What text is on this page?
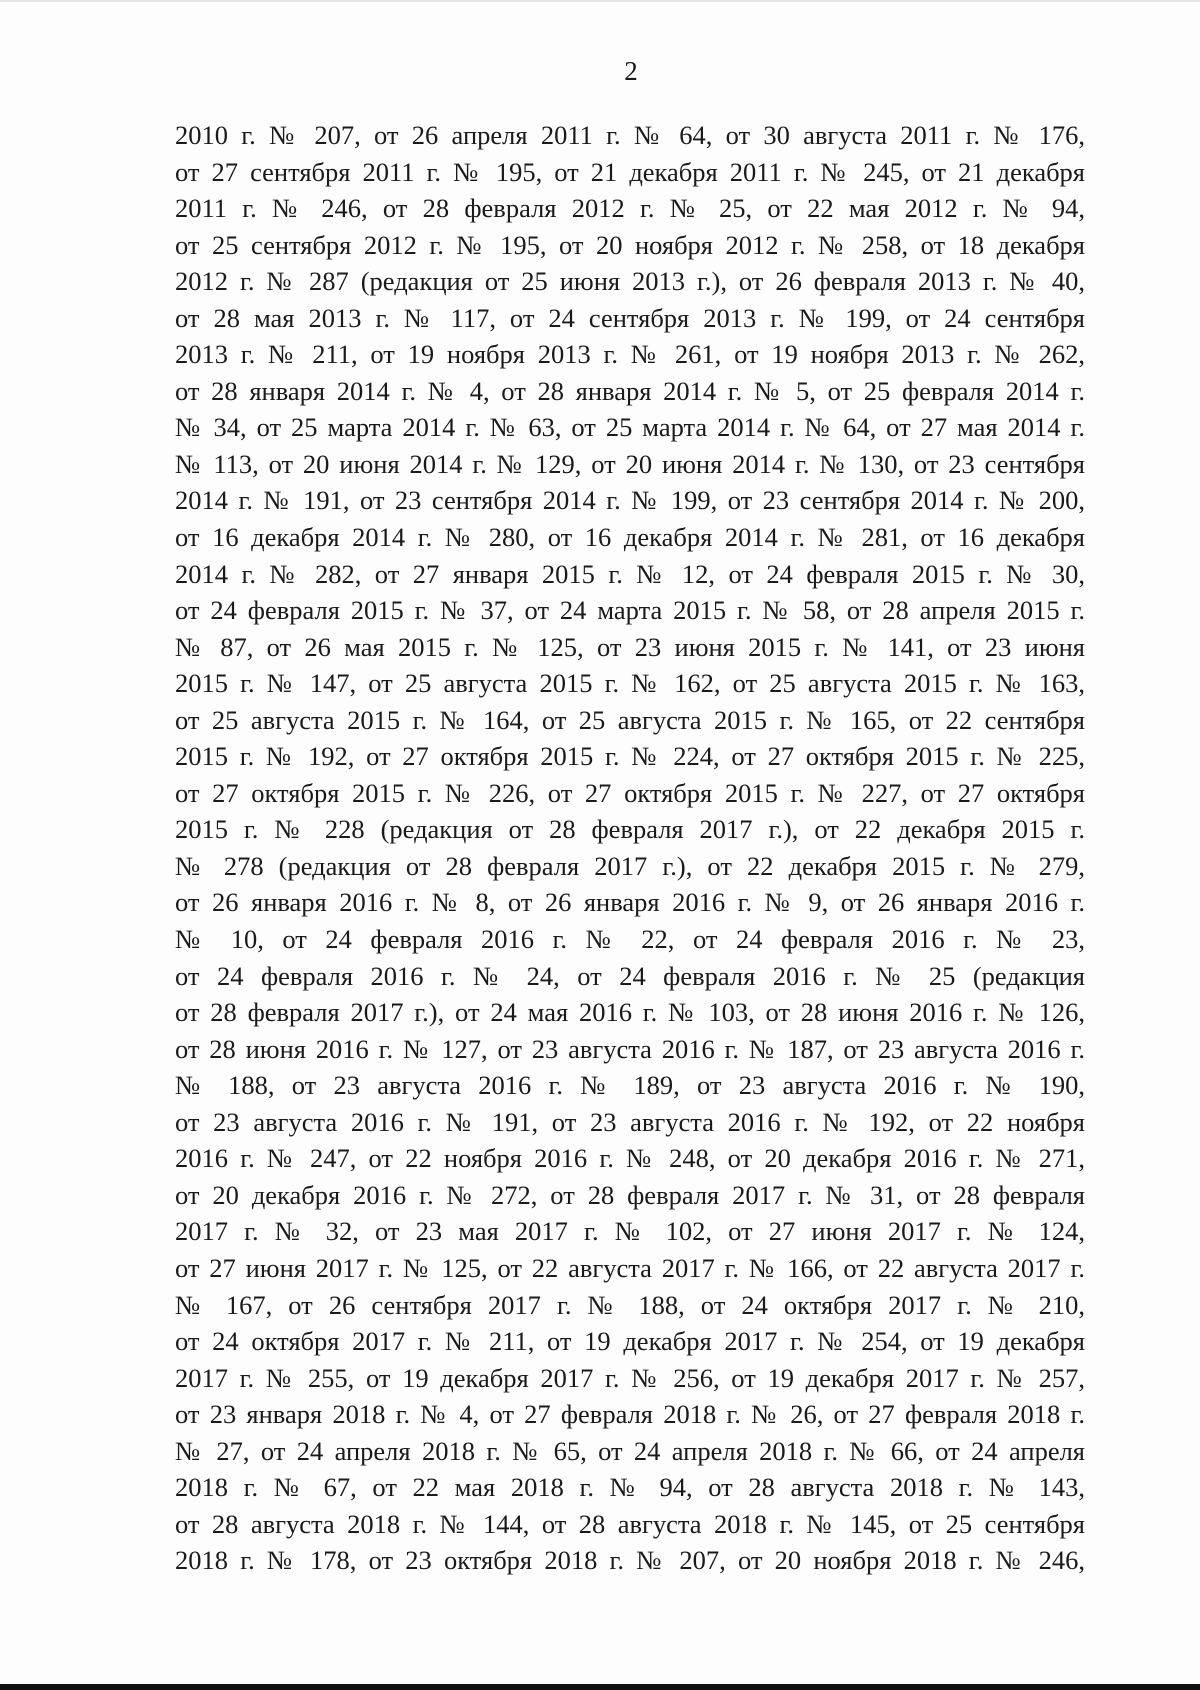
2
2010 г. № 207, от 26 апреля 2011 г. № 64, от 30 августа 2011 г. № 176,
от 27 сентября 2011 г. № 195, от 21 декабря 2011 г. № 245, от 21 декабря
2011 г. № 246, от 28 февраля 2012 г. № 25, от 22 мая 2012 г. № 94,
от 25 сентября 2012 г. № 195, от 20 ноября 2012 г. № 258, от 18 декабря
2012 г. № 287 (редакция от 25 июня 2013 г.), от 26 февраля 2013 г. № 40,
от 28 мая 2013 г. № 117, от 24 сентября 2013 г. № 199, от 24 сентября
2013 г. № 211, от 19 ноября 2013 г. № 261, от 19 ноября 2013 г. № 262,
от 28 января 2014 г. № 4, от 28 января 2014 г. № 5, от 25 февраля 2014 г.
№ 34, от 25 марта 2014 г. № 63, от 25 марта 2014 г. № 64, от 27 мая 2014 г.
№ 113, от 20 июня 2014 г. № 129, от 20 июня 2014 г. № 130, от 23 сентября
2014 г. № 191, от 23 сентября 2014 г. № 199, от 23 сентября 2014 г. № 200,
от 16 декабря 2014 г. № 280, от 16 декабря 2014 г. № 281, от 16 декабря
2014 г. № 282, от 27 января 2015 г. № 12, от 24 февраля 2015 г. № 30,
от 24 февраля 2015 г. № 37, от 24 марта 2015 г. № 58, от 28 апреля 2015 г.
№ 87, от 26 мая 2015 г. № 125, от 23 июня 2015 г. № 141, от 23 июня
2015 г. № 147, от 25 августа 2015 г. № 162, от 25 августа 2015 г. № 163,
от 25 августа 2015 г. № 164, от 25 августа 2015 г. № 165, от 22 сентября
2015 г. № 192, от 27 октября 2015 г. № 224, от 27 октября 2015 г. № 225,
от 27 октября 2015 г. № 226, от 27 октября 2015 г. № 227, от 27 октября
2015 г. № 228 (редакция от 28 февраля 2017 г.), от 22 декабря 2015 г.
№ 278 (редакция от 28 февраля 2017 г.), от 22 декабря 2015 г. № 279,
от 26 января 2016 г. № 8, от 26 января 2016 г. № 9, от 26 января 2016 г.
№ 10, от 24 февраля 2016 г. № 22, от 24 февраля 2016 г. № 23,
от 24 февраля 2016 г. № 24, от 24 февраля 2016 г. № 25 (редакция
от 28 февраля 2017 г.), от 24 мая 2016 г. № 103, от 28 июня 2016 г. № 126,
от 28 июня 2016 г. № 127, от 23 августа 2016 г. № 187, от 23 августа 2016 г.
№ 188, от 23 августа 2016 г. № 189, от 23 августа 2016 г. № 190,
от 23 августа 2016 г. № 191, от 23 августа 2016 г. № 192, от 22 ноября
2016 г. № 247, от 22 ноября 2016 г. № 248, от 20 декабря 2016 г. № 271,
от 20 декабря 2016 г. № 272, от 28 февраля 2017 г. № 31, от 28 февраля
2017 г. № 32, от 23 мая 2017 г. № 102, от 27 июня 2017 г. № 124,
от 27 июня 2017 г. № 125, от 22 августа 2017 г. № 166, от 22 августа 2017 г.
№ 167, от 26 сентября 2017 г. № 188, от 24 октября 2017 г. № 210,
от 24 октября 2017 г. № 211, от 19 декабря 2017 г. № 254, от 19 декабря
2017 г. № 255, от 19 декабря 2017 г. № 256, от 19 декабря 2017 г. № 257,
от 23 января 2018 г. № 4, от 27 февраля 2018 г. № 26, от 27 февраля 2018 г.
№ 27, от 24 апреля 2018 г. № 65, от 24 апреля 2018 г. № 66, от 24 апреля
2018 г. № 67, от 22 мая 2018 г. № 94, от 28 августа 2018 г. № 143,
от 28 августа 2018 г. № 144, от 28 августа 2018 г. № 145, от 25 сентября
2018 г. № 178, от 23 октября 2018 г. № 207, от 20 ноября 2018 г. № 246,
